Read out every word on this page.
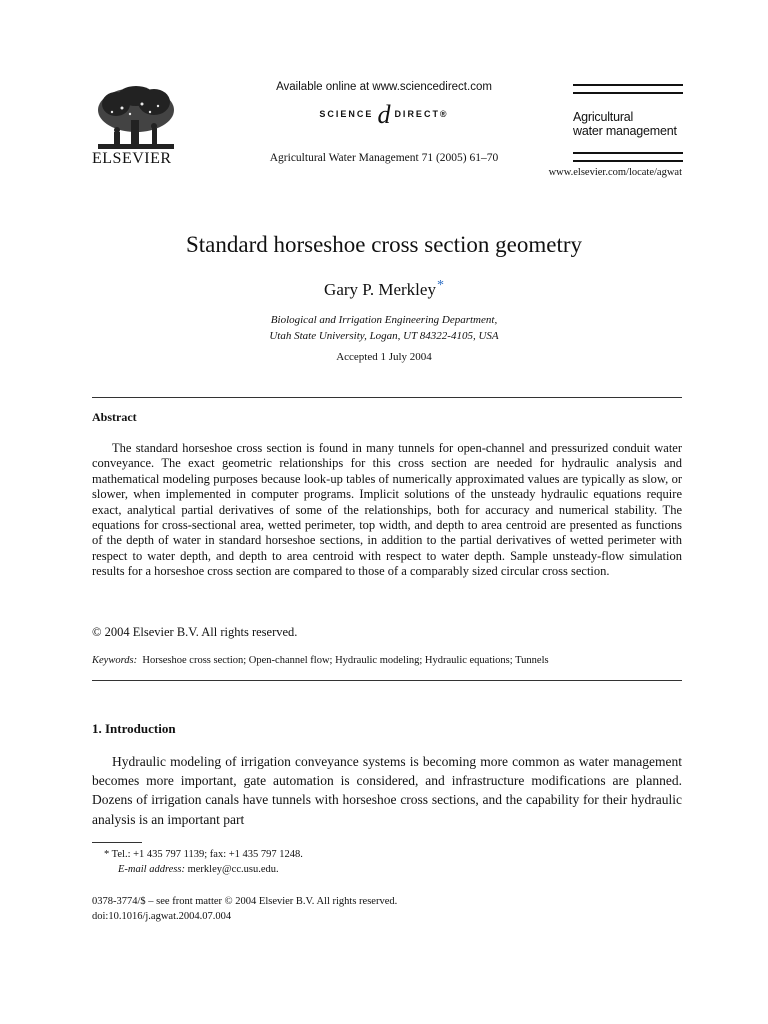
ELSEVIER
Available online at www.sciencedirect.com
SCIENCE d DIRECT®
Agricultural Water Management 71 (2005) 61–70
Agricultural
water management
www.elsevier.com/locate/agwat
Standard horseshoe cross section geometry
Gary P. Merkley*
Biological and Irrigation Engineering Department,
Utah State University, Logan, UT 84322-4105, USA
Accepted 1 July 2004
Abstract

The standard horseshoe cross section is found in many tunnels for open-channel and pressurized conduit water conveyance. The exact geometric relationships for this cross section are needed for hydraulic analysis and mathematical modeling purposes because look-up tables of numerically approximated values are typically as slow, or slower, when implemented in computer programs. Implicit solutions of the unsteady hydraulic equations require exact, analytical partial derivatives of some of the relationships, both for accuracy and numerical stability. The equations for cross-sectional area, wetted perimeter, top width, and depth to area centroid are presented as functions of the depth of water in standard horseshoe sections, in addition to the partial derivatives of wetted perimeter with respect to water depth, and depth to area centroid with respect to water depth. Sample unsteady-flow simulation results for a horseshoe cross section are compared to those of a comparably sized circular cross section.

© 2004 Elsevier B.V. All rights reserved.
Keywords: Horseshoe cross section; Open-channel flow; Hydraulic modeling; Hydraulic equations; Tunnels
1. Introduction

Hydraulic modeling of irrigation conveyance systems is becoming more common as water management becomes more important, gate automation is considered, and infrastructure modifications are planned. Dozens of irrigation canals have tunnels with horseshoe cross sections, and the capability for their hydraulic analysis is an important part

* Tel.: +1 435 797 1139; fax: +1 435 797 1248.
E-mail address: merkley@cc.usu.edu.
0378-3774/$ – see front matter © 2004 Elsevier B.V. All rights reserved.
doi:10.1016/j.agwat.2004.07.004
